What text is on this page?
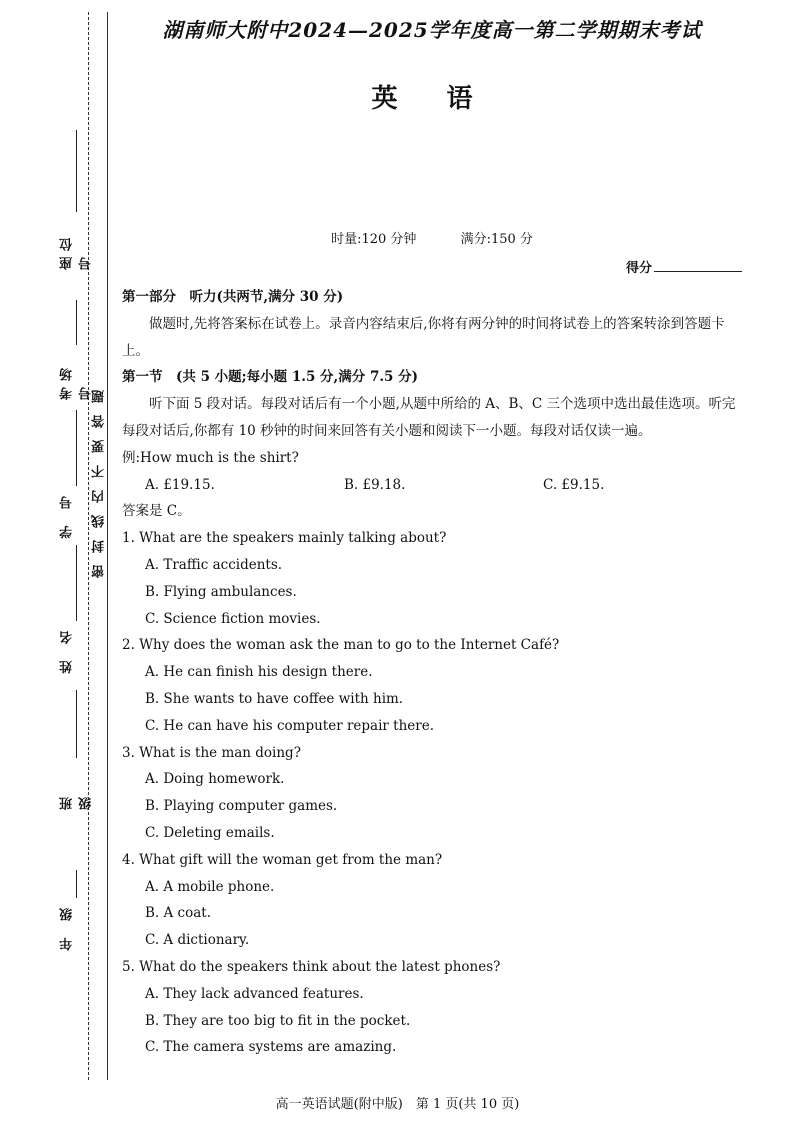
座位号
考场号
学 号
姓 名
班 级
年 级
密封线内不要答题
湖南师大附中2024—2025学年度高一第二学期期末考试
英 语
时量:120 分钟	满分:150 分
得分

第一部分　听力(共两节,满分 30 分)

做题时,先将答案标在试卷上。录音内容结束后,你将有两分钟的时间将试卷上的答案转涂到答题卡上。

第一节　(共 5 小题;每小题 1.5 分,满分 7.5 分)

听下面 5 段对话。每段对话后有一个小题,从题中所给的 A、B、C 三个选项中选出最佳选项。听完每段对话后,你都有 10 秒钟的时间来回答有关小题和阅读下一小题。每段对话仅读一遍。

例:How much is the shirt?

A. £19.15.	B. £9.18.	C. £9.15.

答案是 C。

1. What are the speakers mainly talking about?

A. Traffic accidents.

B. Flying ambulances.

C. Science fiction movies.

2. Why does the woman ask the man to go to the Internet Café?

A. He can finish his design there.

B. She wants to have coffee with him.

C. He can have his computer repair there.

3. What is the man doing?

A. Doing homework.

B. Playing computer games.

C. Deleting emails.

4. What gift will the woman get from the man?

A. A mobile phone.

B. A coat.

C. A dictionary.

5. What do the speakers think about the latest phones?

A. They lack advanced features.

B. They are too big to fit in the pocket.

C. The camera systems are amazing.

高一英语试题(附中版)　第 1 页(共 10 页)
